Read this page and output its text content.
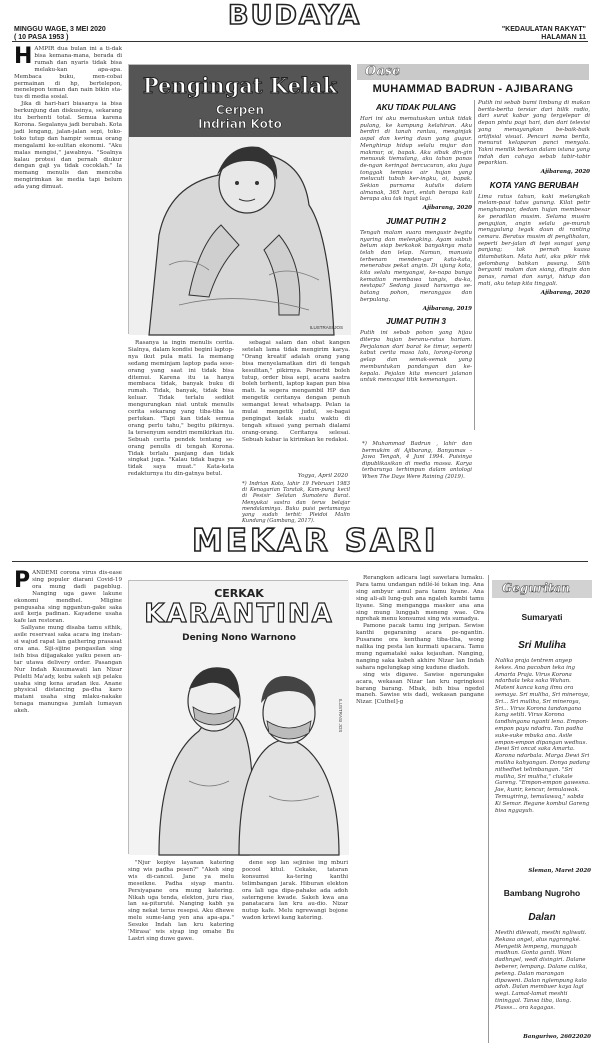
BUDAYA
MINGGU WAGE, 3 MEI 2020
( 10 PASA 1953 )
"KEDAULATAN RAKYAT"
HALAMAN 11
H AMPIR dua bulan ini a ti-dak bisa kemana-mana, berada di rumah dan nyaris tidak bisa melaku-kan apa-apa. Membaca buku, men-cobai permainan di hp, bertelepon, menelepon teman dan nain bikin sta-tus di media sosial.

Jika di hari-hari biasanya ia bisa berkunjung dan diskusinya, sekarang itu berhenti total. Semua karena Korona. Segalanya jadi berubah. Kota jadi lengang, jalan-jalan sepi, toko-toko tutup dan hampir semua orang mengalami ke-sulitan ekonomi. "Aku malas mengisi," jawabnya. "Soalnya kalau protesi dan pernah diukur dengan gaji ya tidak cocoklah." Ia memang menulis dan mencoba mengirimkan ke media tapi belum ada yang dimuat.

Pengingat Kelak
Cerpen
Indrian Koto
ILUSTRASI JOS

Rasanya ia ingin menulis cerita. Sialnya, dalam kondisi begini laptop-nya ikut pula mati. Ia memang sedang meminjam laptop pada sese-orang yang saat ini tidak bisa ditemui. Karena itu ia hanya membaca tidak, banyak buku di rumah. Tidak, banyak, tidak bisa keluar. Tidak terlalu sedikit mengurungkan niat untuk menulis cerita sekarang yang tiba-tiba ia perlukan. "Tapi kan tidak semua orang perlu tahu," begitu pikirnya. Ia tersenyum sendiri memikirkan itu. Sebuah cerita pendek tentang se-orang penulis di tengah Korona. Tidak terlalu panjang dan tidak singkat juga. "Kalau tidak bagus ya tidak saya muat." Kata-kata redakturnya itu din-gatnya betul.

sebagai salam dan obat kangen setelah lama tidak mengirim karya. "Orang kreatif adalah orang yang bisa menyelamatkan diri di tengah kesulitan," pikirnya. Penerbit boleh tutup, order bisa sepi, acara sastra boleh terhenti, laptop kapan pun bisa mati. Ia segera mengambil HP dan mengetik ceritanya dengan penuh semangat lewat whatsapp. Pelan ia mulai mengetik judul, se-bagai pengingat kelak suatu waktu di tengah situasi yang pernah dialami orang-orang. Ceritanya selesai. Sebuah kabar ia kirimkan ke redaksi.

Yogya, April 2020
*) Indrian Koto, lahir 19 Februari 1983 di Kenagarian Taratak, Kam-pung kecil di Pesisir Selatan Sumatera Barat. Menyukai sastra dan terus belajar mendalaminya. Buku puisi pertamanya yang sudah terbit: Pleidoi Malin Kundang (Gambang, 2017).
Oase
MUHAMMAD BADRUN - AJIBARANG
AKU TIDAK PULANG
Hari ini aku memutuskan untuk tidak pulang, ke kampung kelahiran. Aku berdiri di tanah rantau, menginjak aspal dan kering daun yang gugur. Menghirup hidup selalu mujur dan makmur, oi, bapak. Aku sibuk din-gin menusuk tiemulang, aku tahan panas de-ngan keringat bercucuran, aku juga tonggak tempias air hujan yang melucuti tubuh ker-ingku, oi, bapak. Sekian purnama kutulis dalam almanak, 365 hari, entah berapa kali berapa aku tak ingat lagi.
Ajibarang, 2020
JUMAT PUTIH 2
Tengah malam suara mengusir begitu nyaring dan melengking. Ayam subuh belum siap berkokok banyaknya mata telah dan lelap. Namun, manusia terbenam menden-gar kata-kata, menerabas pekat angin. Di ujung kota, kita selalu menyangsi, ke-napa bunga kematian membawa tangis, du-ka, nestapa? Sedang jasad harusnya se-batang pohon, meranggas dan berpulang.
Ajibarang, 2019
JUMAT PUTIH 3
Putih ini sebab pohon yang hijau diterpa hujan beranu-ratus hariam. Perjalanan dari barat ke timur, seperti kabut cerita masa lalu, lorong-lorong gelap dan semak-semak yang membuntukan pandangan dan ke-kepala. Pejalan kita mencari jalanan untuk mencapai titik kemenangan.
Putih ini sebab bumi limbung di makan berita-berita tersiar dari bilik radio, dari surat kabar yang tergelepar di depan pintu pagi hari, dan dari televisi yang menayangkan be-baik-baik artifisial visual. Pencari nama berita, menurut kelaparan panci menyala. Yakni menilik berkan dalam istana yang indah dan cahaya sebab tabir-tabir peparkian.
Ajibarang, 2020
KOTA YANG BERUBAH
Lima ratus tahun, kaki melangkah melam-paui tatus gunung. Kilat petir menghampar, dedam hujan membesar ke peradilan musim. Selama musim pengujian, angin selalu ge-muruh menggulung tegak daun di ranting cemara. Beratus musim di penglihatan, seperti ber-jalan di tepi sungai yang panjang; tak pernah kuasa ditambatkan. Mata hati, aku pikir risk gelombang bahkan pasang. Silih berganti malam dan siang, dingin dan panas, ramai dan sunyi, hidup dan mati, aku tetap kita tinggali.
Ajibarang, 2020
*) Muhammad Badrun , lahir dan bermukim di Ajibarang, Banyumas - Jawa Tengah, 4 Juni 1994. Puisinya dipublikasikan di media massa. Karya terbarunya terhimpun dalam antologi When The Days Were Raining (2019).
MEKAR SARI
P ANDEMI corona virus dis-ease sing populer diarani Covid-19 ora mung dadi pageblug. Nanging uga gawe lakune ekonomi mendhel. Mligine pengusaha sing nggantun-gake saka asil kerja padinan. Kayadene usaha kafe lan restoran.

Sallyane mung disaba tamu sithik, asile reservasi saka acara ing instan-si wajud rapat lan gathering prasasat ora ana. Siji-sijine pengasilan sing isih bisa diijagakake yaiku pesen an-tar utawa delivery order. Pasangan Nur Indah Kusumawati lan Nizar Pelelti Ma'ady, kebu sakeh siji pelaku usaha sing kena aradan iku. Anane physical distancing pa-dha karo matani usaha sing mlaku-nakake tenaga manungsa jumlah lumayan akeh.

CERKAK
KARANTINA
Dening Nono Warnono
ILUSTRASI JOS

"Njur kepiye layanan katering sing wis padha pesen?" "Akeh sing wis di-cancel. Jane ya melu meseikne. Padha siyap mantu. Persiyapane ora mung katering. Nikah uga tenda, elekton, juru rias, lan sa-pituruté. Nanging kabh ya sing nekat terus resepsi. Aku dhewe melu sume-lang yen ana apa-apa." Sesuke Indah lan kru katering 'Mirasa' wis siyap ing omahe Bu Lastri sing duwe gawe.

dene sop lan sejinise ing mburi pocool kitul. Cekake, tataran konsumsi ka-tering kanthi telimbangan jarak. Hiburan elekton ora lali uga dipa-pahake ada adoh saterngene kwade. Sakeh kwa ana panatacara lan kru au-dio. Nizar nutup kafe. Melu ngrewangi bojone wadon kriswi kang katering.

Rerangken adicara lagi sawetara lumaku. Para tamu undangan ndilé-lé tekan ing. Ana sing ambyur amul para tamu liyane. Ana sing ali-ali lung-guh ana ngaleh kambi tamu liyane. Sing mengangga masker ana ana sing mung lunggah meneng wae. Ora ngrehak menu konsumsi sing wis sumadya.

Pamone pacak tamu ing jeripan. Sewise kanthi gegaraning acara pe-ngantin. Pusarane ora kenthang tiba-tiba, wong nalika ing pesta lan kurmati upacara. Tamu mung ngamataké saka kejauhan. Nanging, nanging saka kabeh akhire Nizar lan Indah sahara ngelungkap sing kudune diadoh.

sing wis digawe. Sawise ngerungake acara, wekasan Nizar lan kru ngringkesi barang barang. Mbak, isih bisa ngedol maneh. Sawise wis dadi, wekasan pangane Nizar. [Cuthel]-g

Geguritan
Sumaryati
Sri Muliha
Nalika praja tentrem anyep kekes. Ana pacoban teka ing Amarta Praja. Virus Korona ndarbala teka saka Wuhan. Mateni kanca kang ilmu ora semaya. Sri muliha, Sri mineroya, Sri... Sri muliha, Sri mineroya, Sri... Virus Korona tandangana kang setiti. Virus Korona tandhingana nganti lena. Empon-empon payu ndadra. Tan padha suke-suke mbuka ana. Asile empon-empon dipangan wedhus. Dewi Sri oncat saka Amarta. Korona ndarbala. Marga Dewi Sri muliha kahyangan. Donya padang nithedhet telimbangan. "Sri muliha, Sri muliha," clukale Gareng. "Empon-empon gawesna. Jae, kunir, kencur, temulawak. Temugiring, temulawaq," sabda Ki Semar. Regane kombul Gareng bisa nggayuh.
Sleman, Maret 2020
Bambang Nugroho
Dalan
Mesthi dilewati, mesthi ngliwati. Rekasa angel, alus nggrongké. Mengetik lempeng, munggah mudhun. Gonta ganti. Wani dadhngel, wedi disingiri. Dalane beberer, lempang. Dalane culika, peteng. Dalan marangan dipaweni. Dalan nglempung kalo adoh. Dalan membuer kaya lagi wegi. Lamat-lamat meshti tininggal. Tansa tiba, ilang. Plasss... ora kagagas.
Banguriwo, 26022020
